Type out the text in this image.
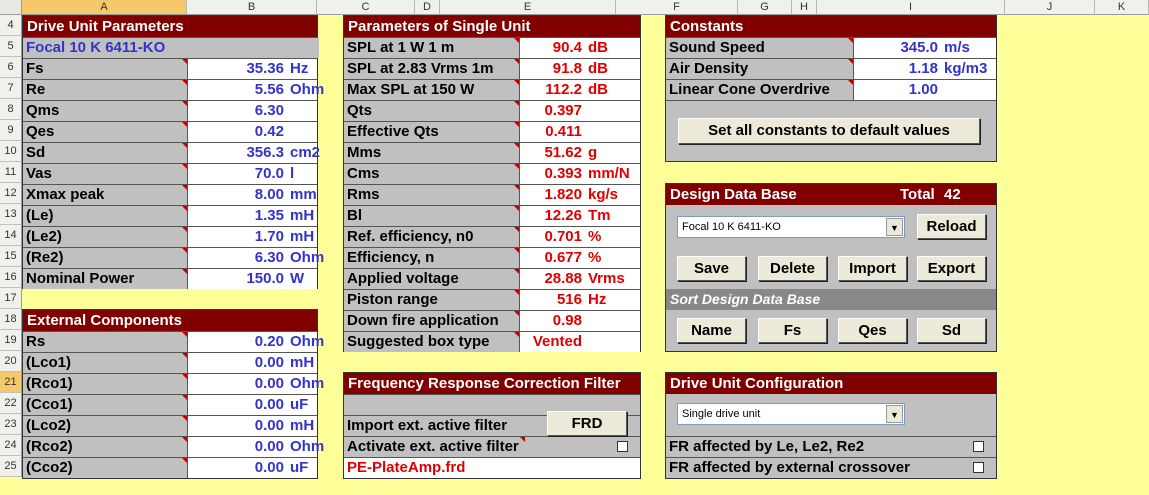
A	B	C	D	E	F	G	H	I	J	K
4
5
6
7
8
9
10
11
12
13
14
15
16
17
18
19
20
21
22
23
24
25
Drive Unit Parameters
Focal 10 K 6411-KO
Fs	35.36 Hz
Re	5.56 Ohm
Qms	6.30
Qes	0.42
Sd	356.3 cm2
Vas	70.0 l
Xmax peak	8.00 mm
(Le)	1.35 mH
(Le2)	1.70 mH
(Re2)	6.30 Ohm
Nominal Power	150.0 W
External Components
Rs	0.20 Ohm
(Lco1)	0.00 mH
(Rco1)	0.00 Ohm
(Cco1)	0.00 uF
(Lco2)	0.00 mH
(Rco2)	0.00 Ohm
(Cco2)	0.00 uF
Parameters of Single Unit
SPL at 1 W 1 m	90.4 dB
SPL at 2.83 Vrms 1m	91.8 dB
Max SPL at 150 W	112.2 dB
Qts	0.397
Effective Qts	0.411
Mms	51.62 g
Cms	0.393 mm/N
Rms	1.820 kg/s
Bl	12.26 Tm
Ref. efficiency, n0	0.701 %
Efficiency, n	0.677 %
Applied voltage	28.88 Vrms
Piston range	516 Hz
Down fire application	0.98
Suggested box type	Vented
Frequency Response Correction Filter
Import ext. active filter
Activate ext. active filter
PE-PlateAmp.frd
FRD
Constants
Sound Speed	345.0 m/s
Air Density	1.18 kg/m3
Linear Cone Overdrive	1.00
Set all constants to default values
Design Data Base	Total 42
Focal 10 K 6411-KO	▼	Reload
Save	Delete	Import	Export
Sort Design Data Base
Name	Fs	Qes	Sd
Drive Unit Configuration
Single drive unit	▼
FR affected by Le, Le2, Re2
FR affected by external crossover
